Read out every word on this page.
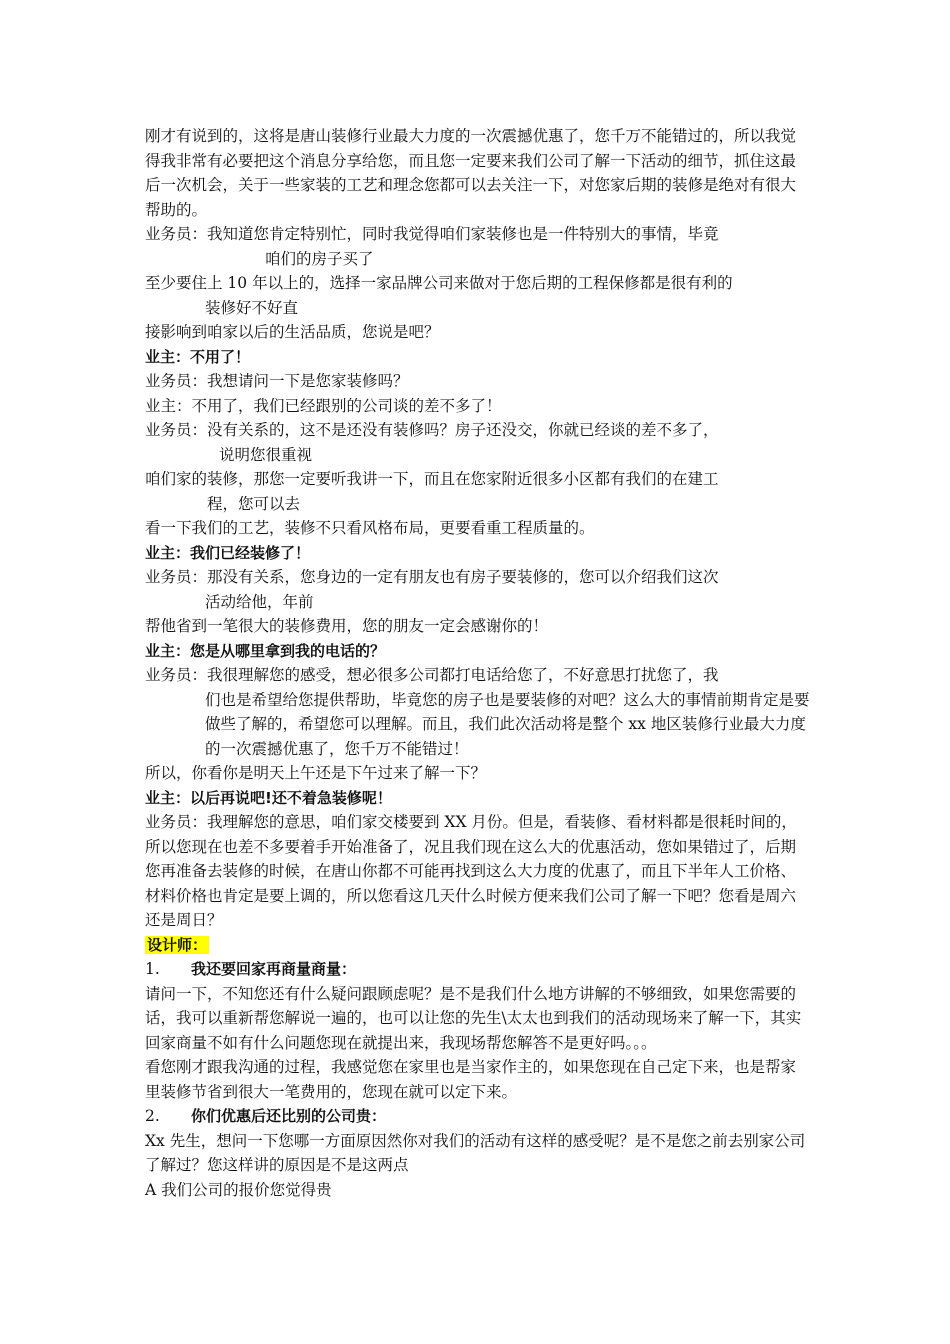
刚才有说到的，这将是唐山装修行业最大力度的一次震撼优惠了，您千万不能错过的，所以我觉得我非常有必要把这个消息分享给您，而且您一定要来我们公司了解一下活动的细节，抓住这最后一次机会，关于一些家装的工艺和理念您都可以去关注一下，对您家后期的装修是绝对有很大帮助的。

业务员：我知道您肯定特别忙，同时我觉得咱们家装修也是一件特别大的事情，毕竟
咱们的房子买了

至少要住上 10 年以上的，选择一家品牌公司来做对于您后期的工程保修都是很有利的
装修好不好直

接影响到咱家以后的生活品质，您说是吧？

业主：不用了！

业务员：我想请问一下是您家装修吗？

业主：不用了，我们已经跟别的公司谈的差不多了！

业务员：没有关系的，这不是还没有装修吗？房子还没交，你就已经谈的差不多了，
说明您很重视

咱们家的装修，那您一定要听我讲一下，而且在您家附近很多小区都有我们的在建工
程，您可以去

看一下我们的工艺，装修不只看风格布局，更要看重工程质量的。

业主：我们已经装修了！

业务员：那没有关系，您身边的一定有朋友也有房子要装修的，您可以介绍我们这次
活动给他，年前

帮他省到一笔很大的装修费用，您的朋友一定会感谢你的！

业主：您是从哪里拿到我的电话的？

业务员：我很理解您的感受，想必很多公司都打电话给您了，不好意思打扰您了，我
们也是希望给您提供帮助，毕竟您的房子也是要装修的对吧？这么大的事情前期肯定是要做些了解的，希望您可以理解。而且，我们此次活动将是整个 xx 地区装修行业最大力度的一次震撼优惠了，您千万不能错过！

所以，你看你是明天上午还是下午过来了解一下？

业主：以后再说吧!还不着急装修呢！

业务员：我理解您的意思，咱们家交楼要到 XX 月份。但是，看装修、看材料都是很耗时间的，所以您现在也差不多要着手开始准备了，况且我们现在这么大的优惠活动，您如果错过了，后期您再准备去装修的时候，在唐山你都不可能再找到这么大力度的优惠了，而且下半年人工价格、材料价格也肯定是要上调的，所以您看这几天什么时候方便来我们公司了解一下吧？您看是周六还是周日？

设计师：

1. 我还要回家再商量商量：

请问一下，不知您还有什么疑问跟顾虑呢？是不是我们什么地方讲解的不够细致，如果您需要的话，我可以重新帮您解说一遍的，也可以让您的先生\太太也到我们的活动现场来了解一下，其实回家商量不如有什么问题您现在就提出来，我现场帮您解答不是更好吗。。。

看您刚才跟我沟通的过程，我感觉您在家里也是当家作主的，如果您现在自己定下来，也是帮家里装修节省到很大一笔费用的，您现在就可以定下来。

2. 你们优惠后还比别的公司贵：

Xx 先生，想问一下您哪一方面原因然你对我们的活动有这样的感受呢？是不是您之前去别家公司了解过？您这样讲的原因是不是这两点

A 我们公司的报价您觉得贵
